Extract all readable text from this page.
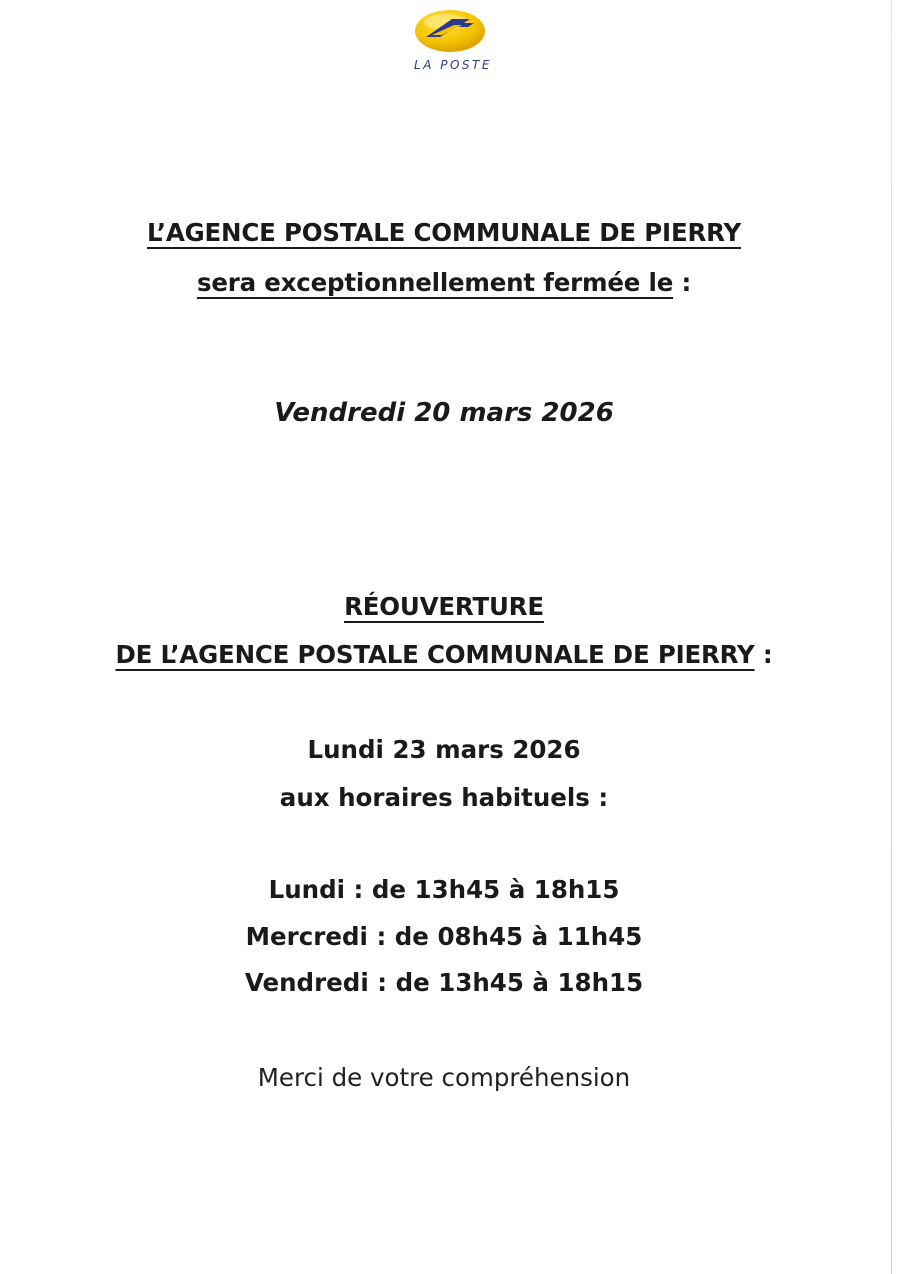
LA POSTE
L’AGENCE POSTALE COMMUNALE DE PIERRY
sera exceptionnellement fermée le :
Vendredi 20 mars 2026
RÉOUVERTURE
DE L’AGENCE POSTALE COMMUNALE DE PIERRY :
Lundi 23 mars 2026
aux horaires habituels :
Lundi : de 13h45 à 18h15
Mercredi : de 08h45 à 11h45
Vendredi : de 13h45 à 18h15
Merci de votre compréhension
